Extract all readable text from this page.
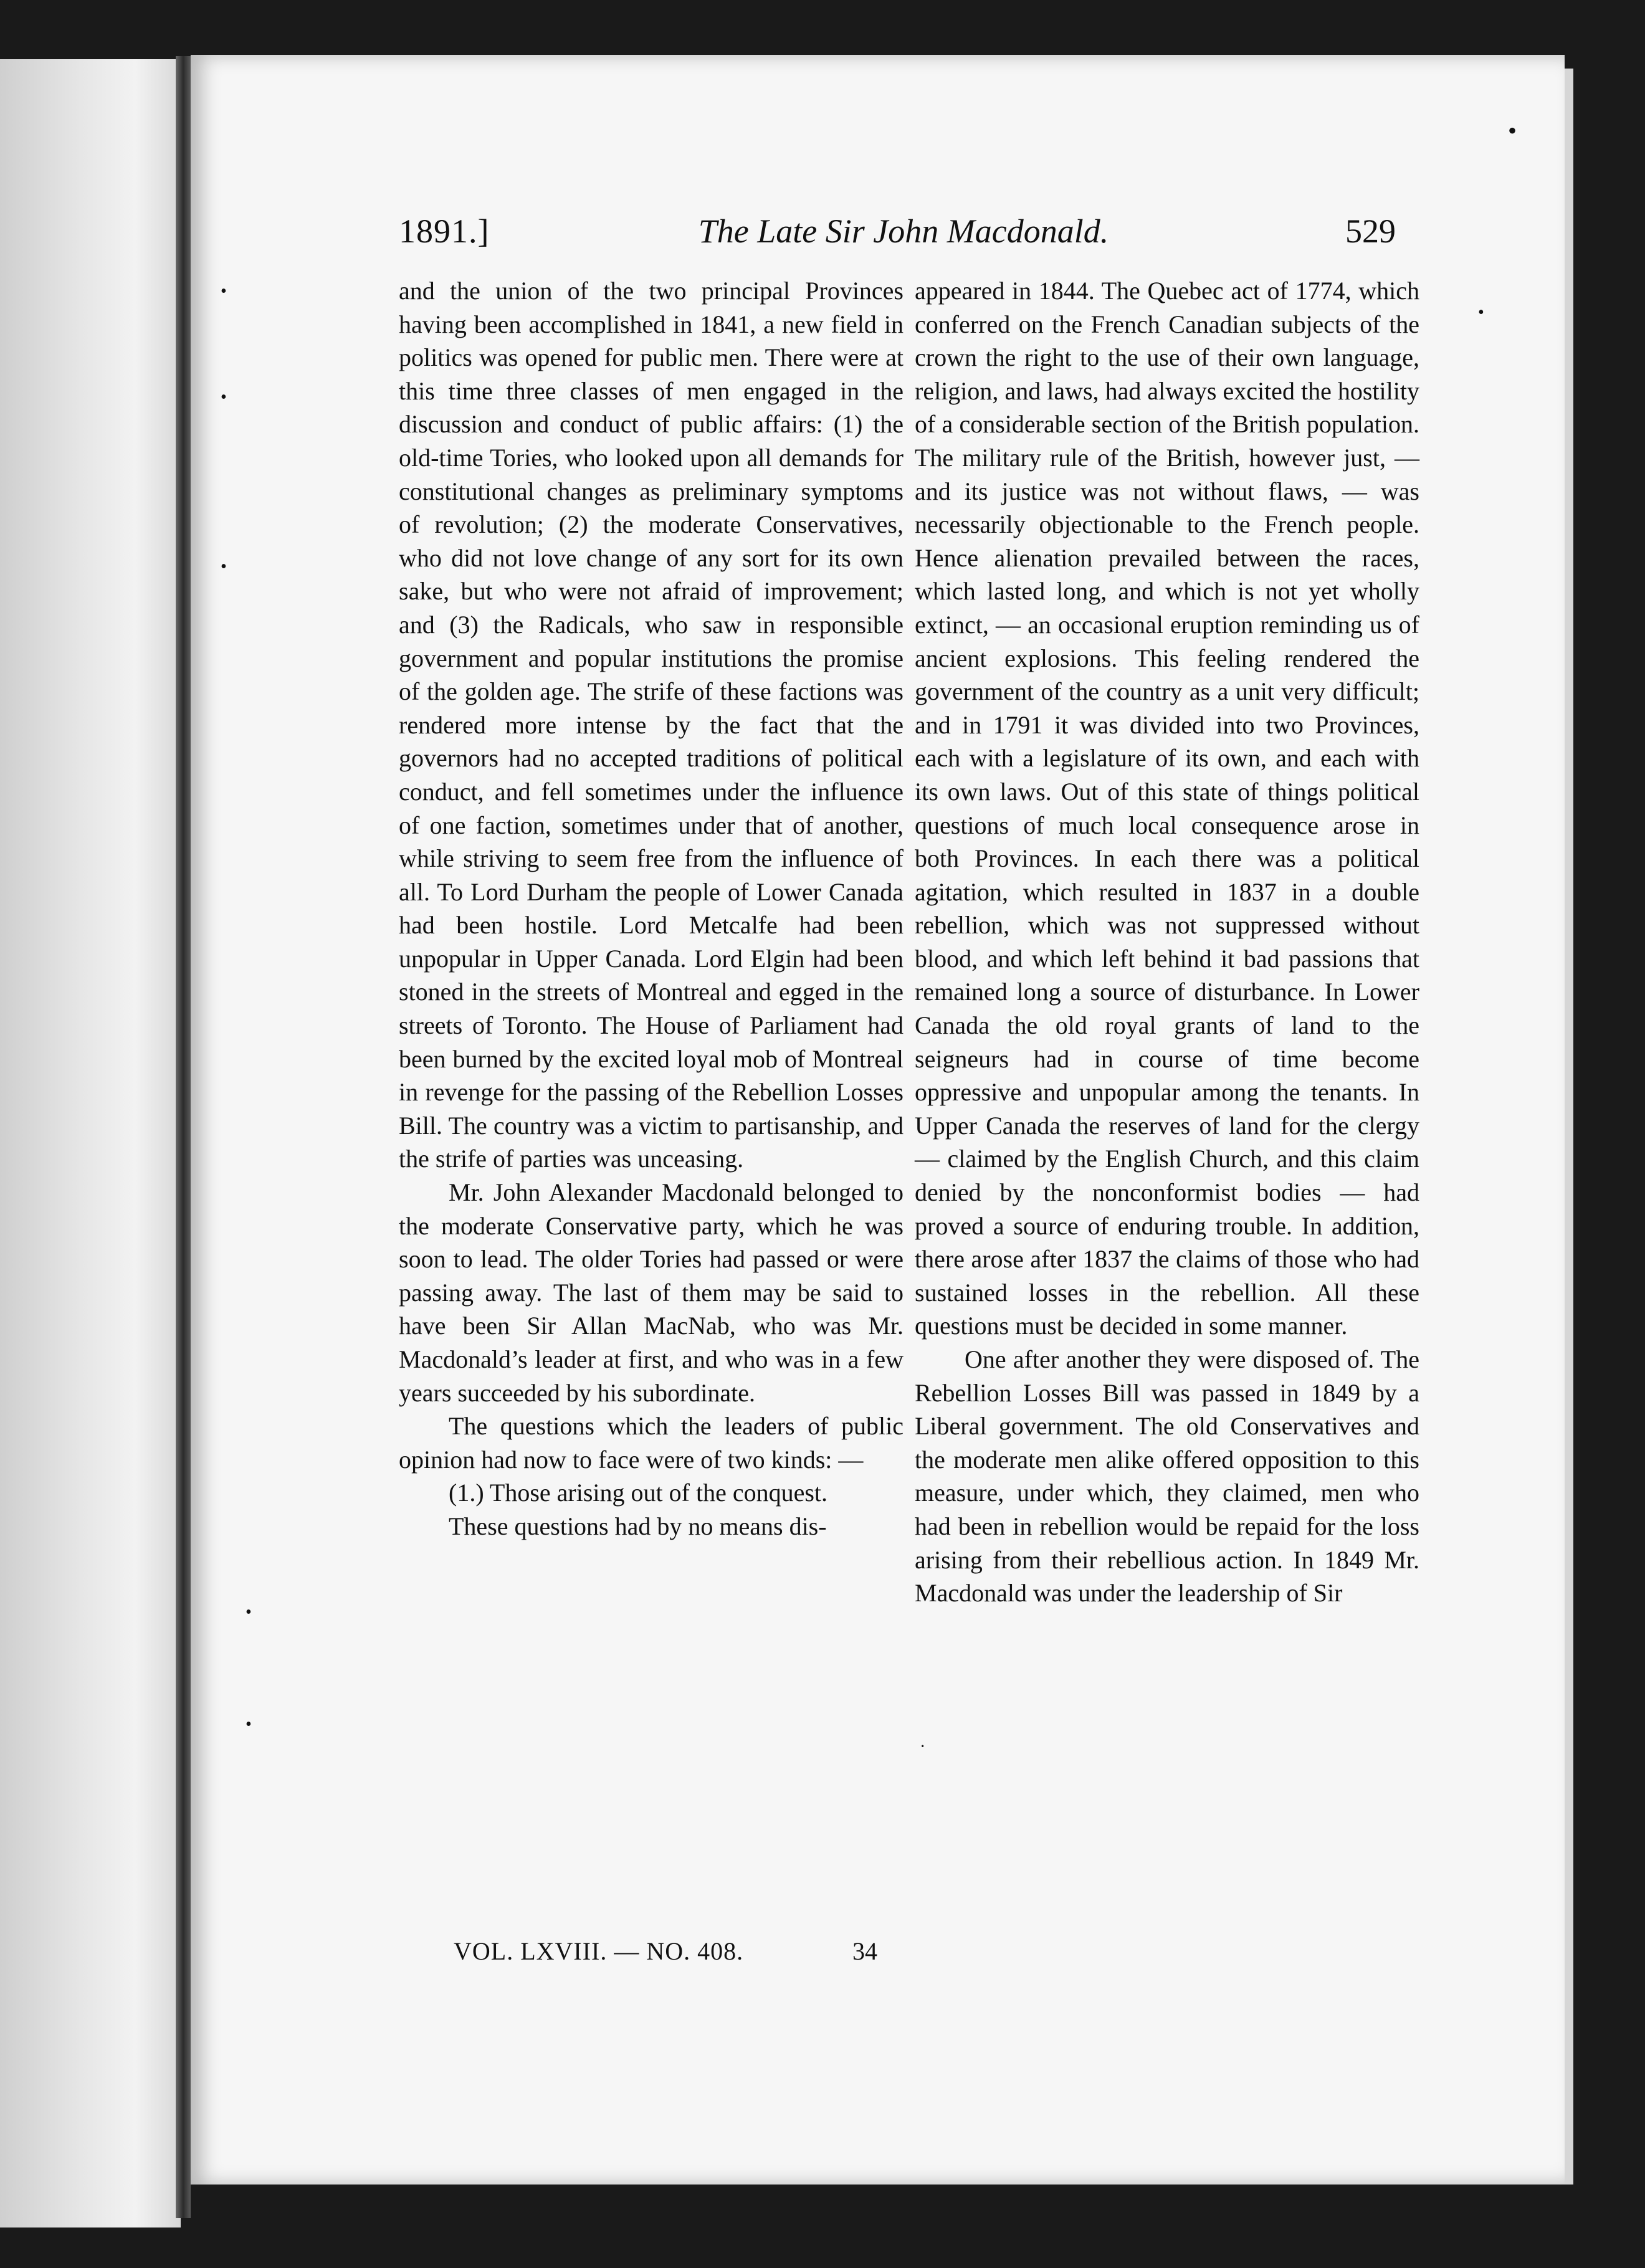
•
1891.]	The Late Sir John Macdonald.	529

and the union of the two principal Provinces having been accomplished in 1841, a new field in politics was opened for public men. There were at this time three classes of men engaged in the discussion and conduct of public affairs: (1) the old-time Tories, who looked upon all demands for constitutional changes as preliminary symptoms of revolution; (2) the moderate Conservatives, who did not love change of any sort for its own sake, but who were not afraid of improvement; and (3) the Radicals, who saw in responsible government and popular institutions the promise of the golden age. The strife of these factions was rendered more intense by the fact that the governors had no accepted traditions of political conduct, and fell sometimes under the influence of one faction, sometimes under that of another, while striving to seem free from the influence of all. To Lord Durham the people of Lower Canada had been hostile. Lord Metcalfe had been unpopular in Upper Canada. Lord Elgin had been stoned in the streets of Montreal and egged in the streets of Toronto. The House of Parliament had been burned by the excited loyal mob of Montreal in revenge for the passing of the Rebellion Losses Bill. The country was a victim to partisanship, and the strife of parties was unceasing.

Mr. John Alexander Macdonald belonged to the moderate Conservative party, which he was soon to lead. The older Tories had passed or were passing away. The last of them may be said to have been Sir Allan MacNab, who was Mr. Macdonald’s leader at first, and who was in a few years succeeded by his subordinate.

The questions which the leaders of public opinion had now to face were of two kinds: —

(1.) Those arising out of the conquest.

These questions had by no means dis-

appeared in 1844. The Quebec act of 1774, which conferred on the French Canadian subjects of the crown the right to the use of their own language, religion, and laws, had always excited the hostility of a considerable section of the British population. The military rule of the British, however just, — and its justice was not without flaws, — was necessarily objectionable to the French people. Hence alienation prevailed between the races, which lasted long, and which is not yet wholly extinct, — an occasional eruption reminding us of ancient explosions. This feeling rendered the government of the country as a unit very difficult; and in 1791 it was divided into two Provinces, each with a legislature of its own, and each with its own laws. Out of this state of things political questions of much local consequence arose in both Provinces. In each there was a political agitation, which resulted in 1837 in a double rebellion, which was not suppressed without blood, and which left behind it bad passions that remained long a source of disturbance. In Lower Canada the old royal grants of land to the seigneurs had in course of time become oppressive and unpopular among the tenants. In Upper Canada the reserves of land for the clergy — claimed by the English Church, and this claim denied by the nonconformist bodies — had proved a source of enduring trouble. In addition, there arose after 1837 the claims of those who had sustained losses in the rebellion. All these questions must be decided in some manner.

One after another they were disposed of. The Rebellion Losses Bill was passed in 1849 by a Liberal government. The old Conservatives and the moderate men alike offered opposition to this measure, under which, they claimed, men who had been in rebellion would be repaid for the loss arising from their rebellious action. In 1849 Mr. Macdonald was under the leadership of Sir

VOL. LXVIII. — NO. 408.	34
•
•
•
•
•
•
·
